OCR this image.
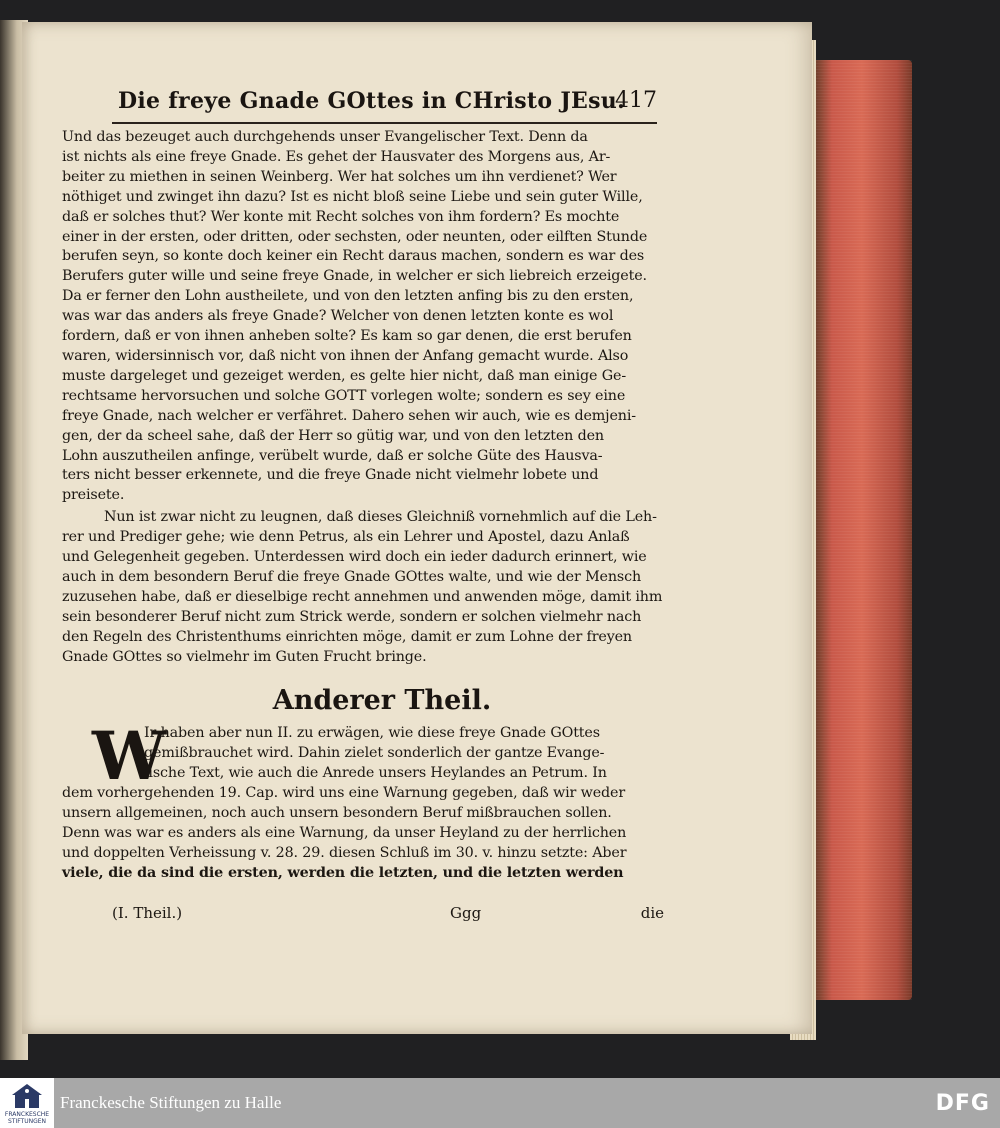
Die freye Gnade GOttes in CHristo JEsu.
417
Und das bezeuget auch durchgehends unser Evangelischer Text. Denn da
ist nichts als eine freye Gnade. Es gehet der Hausvater des Morgens aus, Ar-
beiter zu miethen in seinen Weinberg. Wer hat solches um ihn verdienet? Wer
nöthiget und zwinget ihn dazu? Ist es nicht bloß seine Liebe und sein guter Wille,
daß er solches thut? Wer konte mit Recht solches von ihm fordern? Es mochte
einer in der ersten, oder dritten, oder sechsten, oder neunten, oder eilften Stunde
berufen seyn, so konte doch keiner ein Recht daraus machen, sondern es war des
Berufers guter wille und seine freye Gnade, in welcher er sich liebreich erzeigete.
Da er ferner den Lohn austheilete, und von den letzten anfing bis zu den ersten,
was war das anders als freye Gnade? Welcher von denen letzten konte es wol
fordern, daß er von ihnen anheben solte? Es kam so gar denen, die erst berufen
waren, widersinnisch vor, daß nicht von ihnen der Anfang gemacht wurde. Also
muste dargeleget und gezeiget werden, es gelte hier nicht, daß man einige Ge-
rechtsame hervorsuchen und solche GOTT vorlegen wolte; sondern es sey eine
freye Gnade, nach welcher er verfähret. Dahero sehen wir auch, wie es demjeni-
gen, der da scheel sahe, daß der Herr so gütig war, und von den letzten den
Lohn auszutheilen anfinge, verübelt wurde, daß er solche Güte des Hausva-
ters nicht besser erkennete, und die freye Gnade nicht vielmehr lobete und
preisete.
Nun ist zwar nicht zu leugnen, daß dieses Gleichniß vornehmlich auf die Leh-
rer und Prediger gehe; wie denn Petrus, als ein Lehrer und Apostel, dazu Anlaß
und Gelegenheit gegeben. Unterdessen wird doch ein ieder dadurch erinnert, wie
auch in dem besondern Beruf die freye Gnade GOttes walte, und wie der Mensch
zuzusehen habe, daß er dieselbige recht annehmen und anwenden möge, damit ihm
sein besonderer Beruf nicht zum Strick werde, sondern er solchen vielmehr nach
den Regeln des Christenthums einrichten möge, damit er zum Lohne der freyen
Gnade GOttes so vielmehr im Guten Frucht bringe.
Anderer Theil.
W
Ir haben aber nun II. zu erwägen, wie diese freye Gnade GOttes
gemißbrauchet wird. Dahin zielet sonderlich der gantze Evange-
lische Text, wie auch die Anrede unsers Heylandes an Petrum. In
dem vorhergehenden 19. Cap. wird uns eine Warnung gegeben, daß wir weder
unsern allgemeinen, noch auch unsern besondern Beruf mißbrauchen sollen.
Denn was war es anders als eine Warnung, da unser Heyland zu der herrlichen
und doppelten Verheissung v. 28. 29. diesen Schluß im 30. v. hinzu setzte: Aber
viele, die da sind die ersten, werden die letzten, und die letzten werden
(I. Theil.)	Ggg	die
FRANCKESCHE STIFTUNGEN
Franckesche Stiftungen zu Halle	DFG
